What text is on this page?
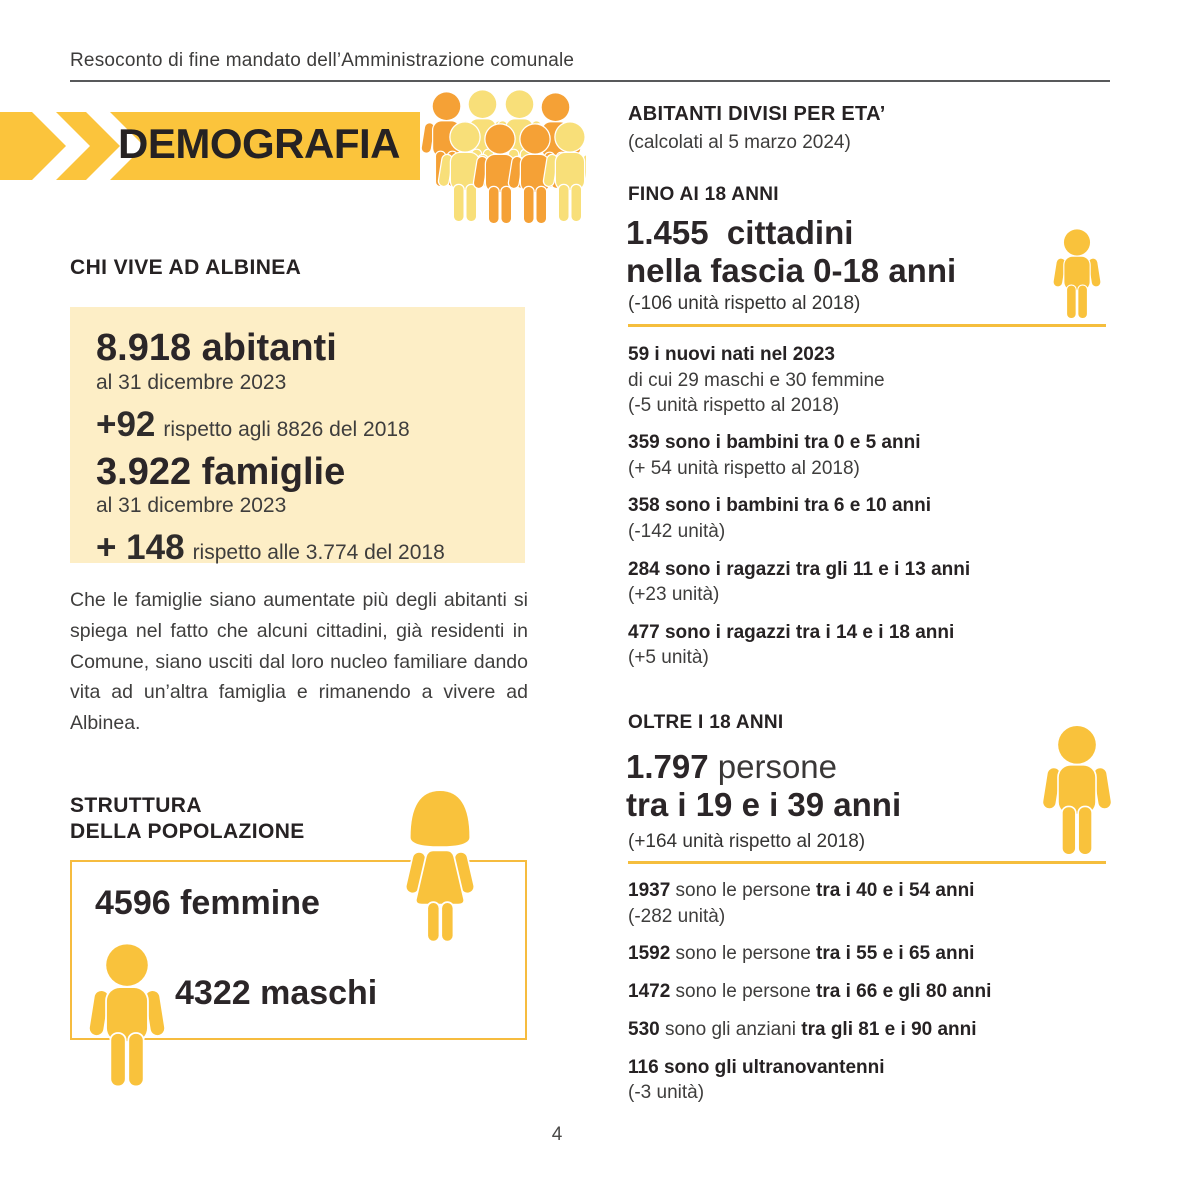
Resoconto di fine mandato dell’Amministrazione comunale
DEMOGRAFIA
CHI VIVE AD ALBINEA
8.918 abitanti
al 31 dicembre 2023
+92 rispetto agli 8826 del 2018
3.922 famiglie
al 31 dicembre 2023
+ 148 rispetto alle 3.774 del 2018
Che le famiglie siano aumentate più degli abitanti si spiega nel fatto che alcuni cittadini, già residenti in Comune, siano usciti dal loro nucleo familiare dando vita ad un’altra famiglia e rimanendo a vivere ad Albinea.
STRUTTURA
DELLA POPOLAZIONE
4596 femmine
4322 maschi
ABITANTI DIVISI PER ETA’
(calcolati al 5 marzo 2024)
FINO AI 18 ANNI
1.455  cittadini
nella fascia 0-18 anni
(-106 unità rispetto al 2018)
59 i nuovi nati nel 2023
di cui 29 maschi e 30 femmine
(-5 unità rispetto al 2018)
359 sono i bambini tra 0 e 5 anni
(+ 54 unità rispetto al 2018)
358 sono i bambini tra 6 e 10 anni
(-142 unità)
284 sono i ragazzi tra gli 11 e i 13 anni
(+23 unità)
477 sono i ragazzi tra i 14 e i 18 anni
(+5 unità)
OLTRE I 18 ANNI
1.797 persone
tra i 19 e i 39 anni
(+164 unità rispetto al 2018)
1937 sono le persone tra i 40 e i 54 anni
(-282 unità)
1592 sono le persone tra i 55 e i 65 anni
1472 sono le persone tra i 66 e gli 80 anni
530 sono gli anziani tra gli 81 e i 90 anni
116 sono gli ultranovantenni
(-3 unità)
4
